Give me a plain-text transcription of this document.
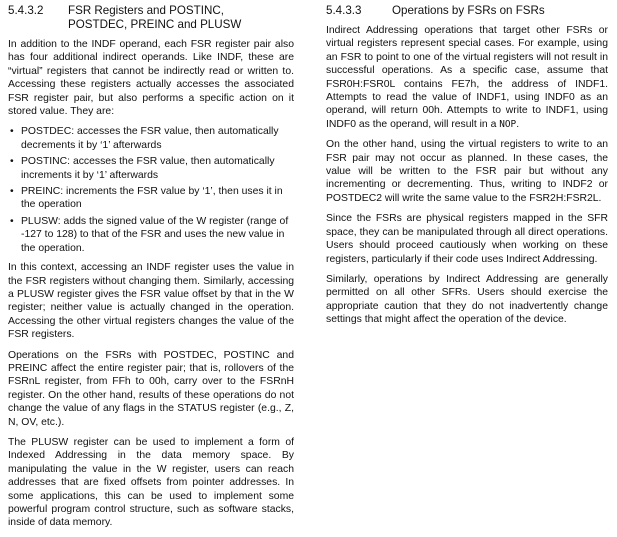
5.4.3.2	FSR Registers and POSTINC,
POSTDEC, PREINC and PLUSW

In addition to the INDF operand, each FSR register pair also has four additional indirect operands. Like INDF, these are “virtual” registers that cannot be indirectly read or written to. Accessing these registers actually accesses the associated FSR register pair, but also performs a specific action on it stored value. They are:

• POSTDEC: accesses the FSR value, then automatically decrements it by ‘1’ afterwards
• POSTINC: accesses the FSR value, then automatically increments it by ‘1’ afterwards
• PREINC: increments the FSR value by ‘1’, then uses it in the operation
• PLUSW: adds the signed value of the W register (range of -127 to 128) to that of the FSR and uses the new value in the operation.

In this context, accessing an INDF register uses the value in the FSR registers without changing them. Similarly, accessing a PLUSW register gives the FSR value offset by that in the W register; neither value is actually changed in the operation. Accessing the other virtual registers changes the value of the FSR registers.

Operations on the FSRs with POSTDEC, POSTINC and PREINC affect the entire register pair; that is, rollovers of the FSRnL register, from FFh to 00h, carry over to the FSRnH register. On the other hand, results of these operations do not change the value of any flags in the STATUS register (e.g., Z, N, OV, etc.).

The PLUSW register can be used to implement a form of Indexed Addressing in the data memory space. By manipulating the value in the W register, users can reach addresses that are fixed offsets from pointer addresses. In some applications, this can be used to implement some powerful program control structure, such as software stacks, inside of data memory.

5.4.3.3	Operations by FSRs on FSRs

Indirect Addressing operations that target other FSRs or virtual registers represent special cases. For example, using an FSR to point to one of the virtual registers will not result in successful operations. As a specific case, assume that FSR0H:FSR0L contains FE7h, the address of INDF1. Attempts to read the value of INDF1, using INDF0 as an operand, will return 00h. Attempts to write to INDF1, using INDF0 as the operand, will result in a NOP.

On the other hand, using the virtual registers to write to an FSR pair may not occur as planned. In these cases, the value will be written to the FSR pair but without any incrementing or decrementing. Thus, writing to INDF2 or POSTDEC2 will write the same value to the FSR2H:FSR2L.

Since the FSRs are physical registers mapped in the SFR space, they can be manipulated through all direct operations. Users should proceed cautiously when working on these registers, particularly if their code uses Indirect Addressing.

Similarly, operations by Indirect Addressing are generally permitted on all other SFRs. Users should exercise the appropriate caution that they do not inadvertently change settings that might affect the operation of the device.
